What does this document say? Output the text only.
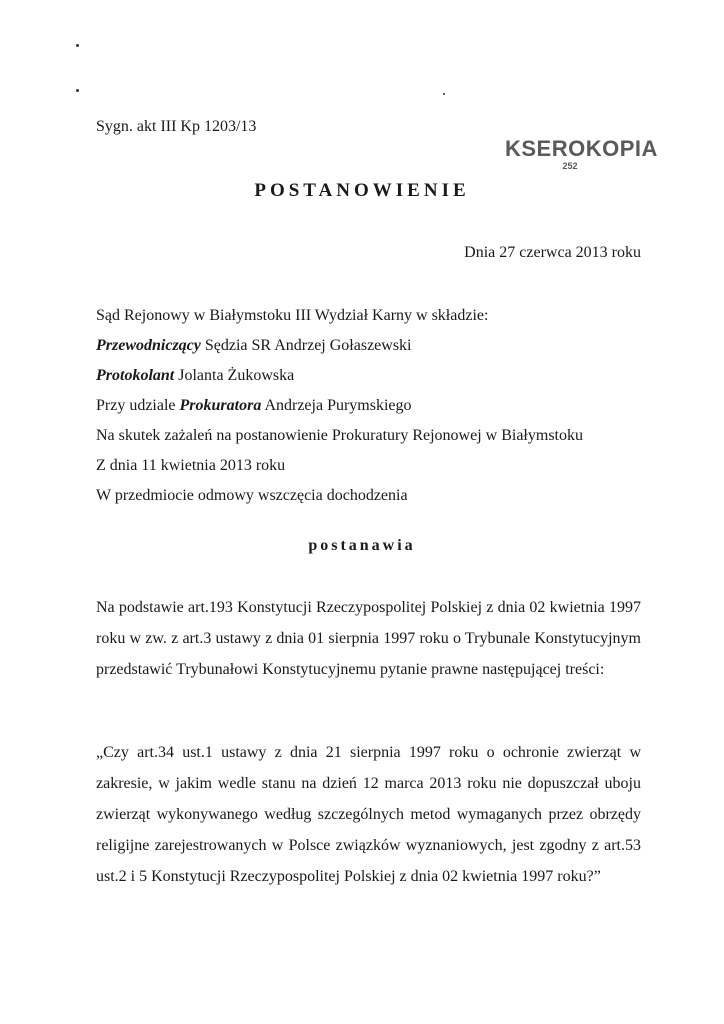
Sygn. akt III Kp 1203/13
KSEROKOPIA
252
POSTANOWIENIE
Dnia 27 czerwca 2013 roku
Sąd Rejonowy w Białymstoku III Wydział Karny w składzie:
Przewodniczący Sędzia SR Andrzej Gołaszewski
Protokolant Jolanta Żukowska
Przy udziale Prokuratora Andrzeja Purymskiego
Na skutek zażaleń na postanowienie Prokuratury Rejonowej w Białymstoku
Z dnia 11 kwietnia 2013 roku
W przedmiocie odmowy wszczęcia dochodzenia
postanawia
Na podstawie art.193 Konstytucji Rzeczypospolitej Polskiej z dnia 02 kwietnia 1997 roku w zw. z art.3 ustawy z dnia 01 sierpnia 1997 roku o Trybunale Konstytucyjnym przedstawić Trybunałowi Konstytucyjnemu pytanie prawne następującej treści:
„Czy art.34 ust.1 ustawy z dnia 21 sierpnia 1997 roku o ochronie zwierząt w zakresie, w jakim wedle stanu na dzień 12 marca 2013 roku nie dopuszczał uboju zwierząt wykonywanego według szczególnych metod wymaganych przez obrzędy religijne zarejestrowanych w Polsce związków wyznaniowych, jest zgodny z art.53 ust.2 i 5 Konstytucji Rzeczypospolitej Polskiej z dnia 02 kwietnia 1997 roku?”
